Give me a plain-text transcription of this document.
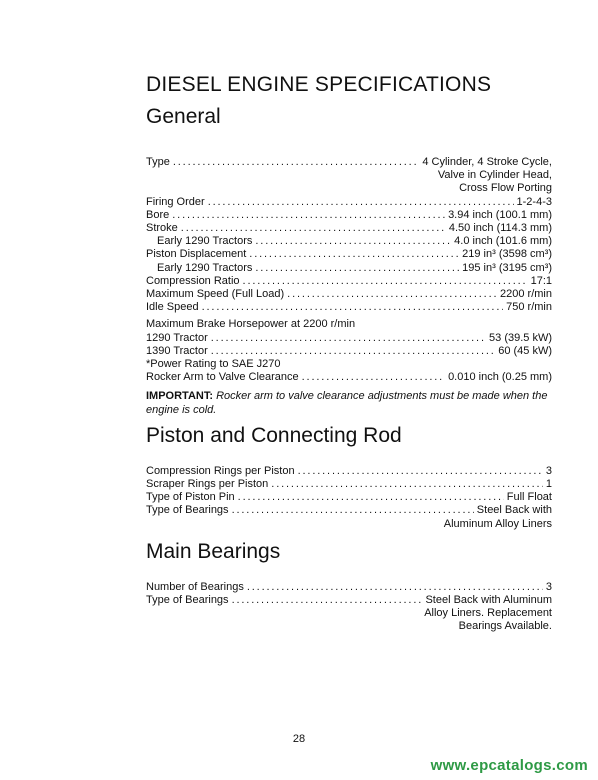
DIESEL ENGINE SPECIFICATIONS
General
Type . . .	4 Cylinder, 4 Stroke Cycle,
Valve in Cylinder Head,
Cross Flow Porting
Firing Order . . .	1-2-4-3
Bore . . .	3.94 inch (100.1 mm)
Stroke . . .	4.50 inch (114.3 mm)
Early 1290 Tractors . . .	4.0 inch (101.6 mm)
Piston Displacement . . .	219 in³ (3598 cm³)
Early 1290 Tractors . . .	195 in³ (3195 cm³)
Compression Ratio . . .	17:1
Maximum Speed (Full Load) . . .	2200 r/min
Idle Speed . . .	750 r/min
Maximum Brake Horsepower at 2200 r/min
1290 Tractor . . .	53 (39.5 kW)
1390 Tractor . . .	60 (45 kW)
*Power Rating to SAE J270
Rocker Arm to Valve Clearance . . .	0.010 inch (0.25 mm)
IMPORTANT: Rocker arm to valve clearance adjustments must be made when the engine is cold.
Piston and Connecting Rod
Compression Rings per Piston . . .	3
Scraper Rings per Piston . . .	1
Type of Piston Pin . . .	Full Float
Type of Bearings . . .	Steel Back with
Aluminum Alloy Liners
Main Bearings
Number of Bearings . . .	3
Type of Bearings . . .	Steel Back with Aluminum
Alloy Liners. Replacement
Bearings Available.
28
www.epcatalogs.com
